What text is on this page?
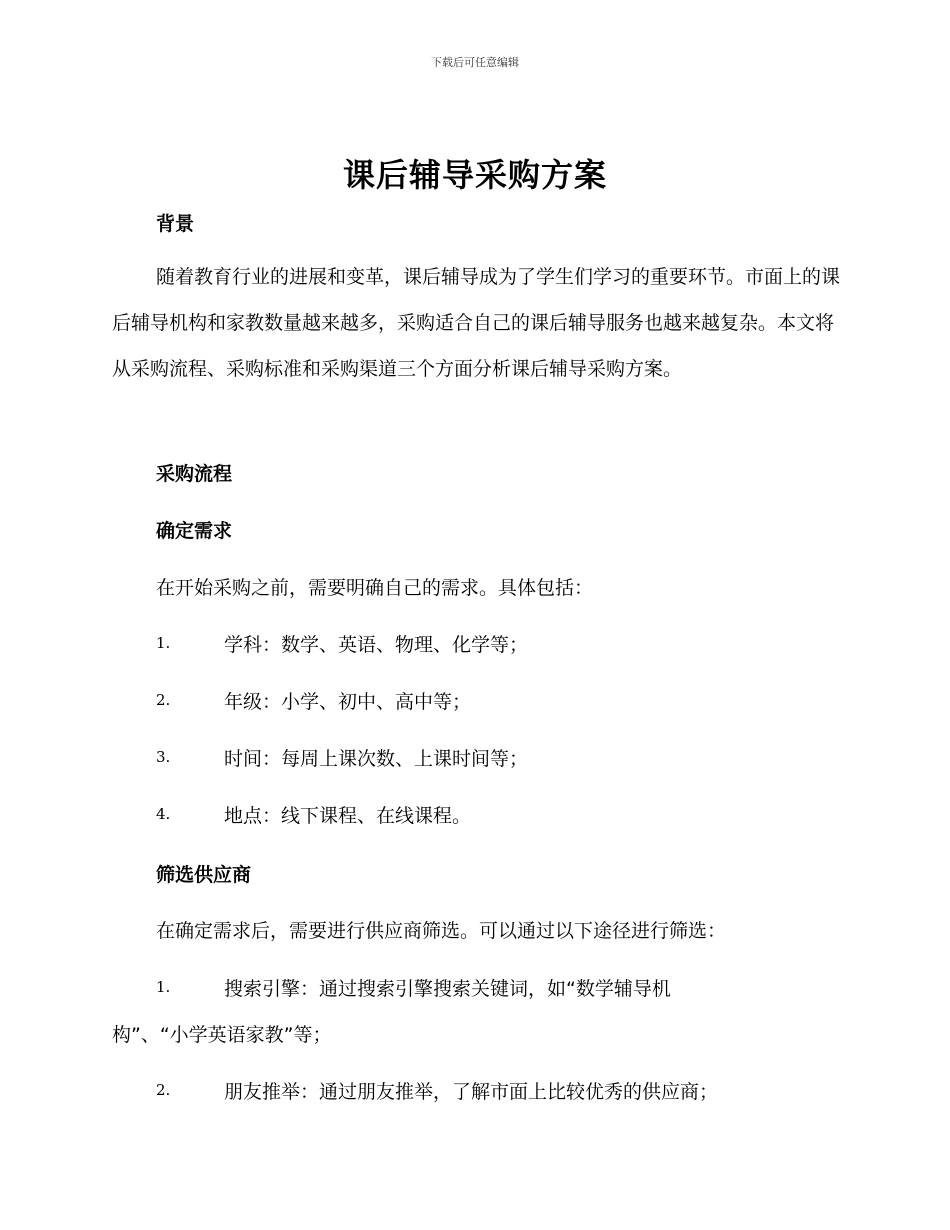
下载后可任意编辑
课后辅导采购方案
背景

随着教育行业的进展和变革，课后辅导成为了学生们学习的重要环节。市面上的课后辅导机构和家教数量越来越多，采购适合自己的课后辅导服务也越来越复杂。本文将从采购流程、采购标准和采购渠道三个方面分析课后辅导采购方案。

采购流程
确定需求

在开始采购之前，需要明确自己的需求。具体包括：

1.	学科：数学、英语、物理、化学等；
2.	年级：小学、初中、高中等；
3.	时间：每周上课次数、上课时间等；
4.	地点：线下课程、在线课程。
筛选供应商

在确定需求后，需要进行供应商筛选。可以通过以下途径进行筛选：

1.	搜索引擎：通过搜索引擎搜索关键词，如“数学辅导机
构”、“小学英语家教”等；
2.	朋友推举：通过朋友推举，了解市面上比较优秀的供应商；
